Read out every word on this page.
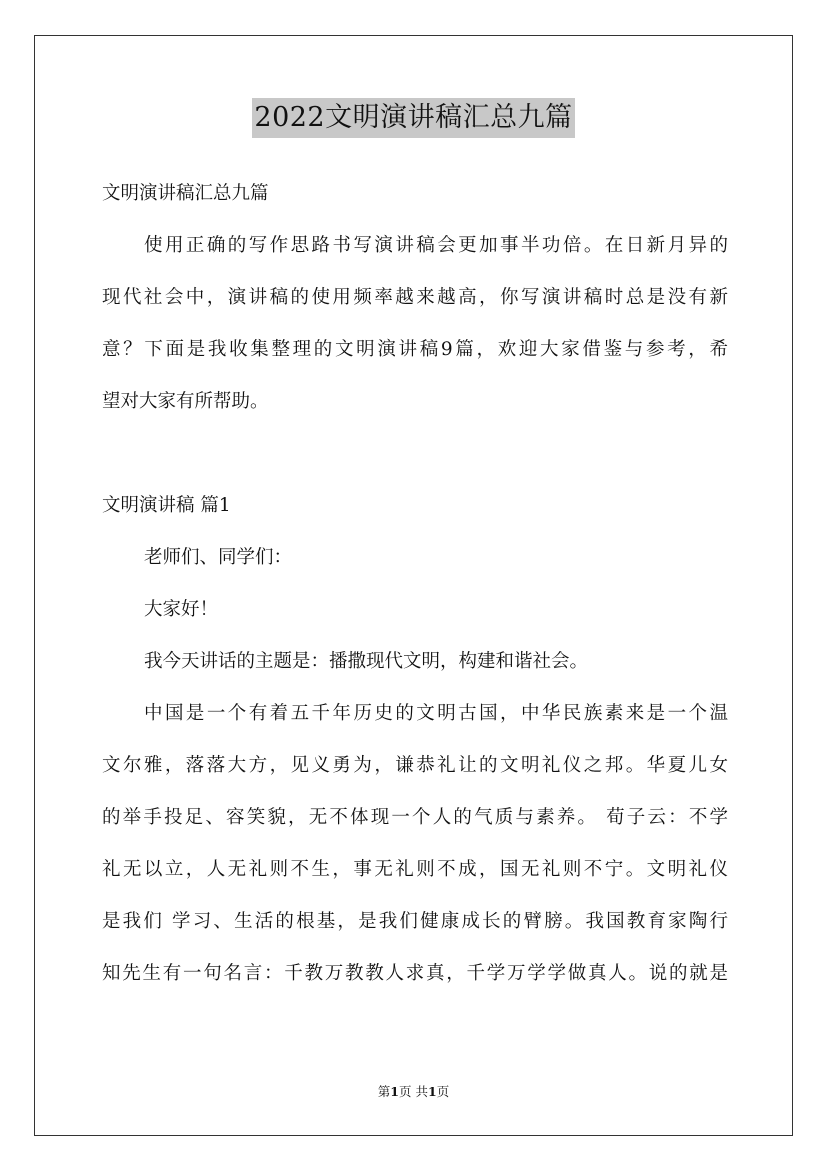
2022文明演讲稿汇总九篇
文明演讲稿汇总九篇
使用正确的写作思路书写演讲稿会更加事半功倍。在日新月异的
现代社会中，演讲稿的使用频率越来越高，你写演讲稿时总是没有新
意？下面是我收集整理的文明演讲稿9篇，欢迎大家借鉴与参考，希
望对大家有所帮助。
文明演讲稿 篇1
老师们、同学们：
大家好！
我今天讲话的主题是：播撒现代文明，构建和谐社会。
中国是一个有着五千年历史的文明古国，中华民族素来是一个温
文尔雅，落落大方，见义勇为，谦恭礼让的文明礼仪之邦。华夏儿女
的举手投足、容笑貌，无不体现一个人的气质与素养。 荀子云：不学
礼无以立，人无礼则不生，事无礼则不成，国无礼则不宁。文明礼仪
是我们 学习、生活的根基，是我们健康成长的臂膀。我国教育家陶行
知先生有一句名言：千教万教教人求真，千学万学学做真人。说的就是
第1页 共1页
